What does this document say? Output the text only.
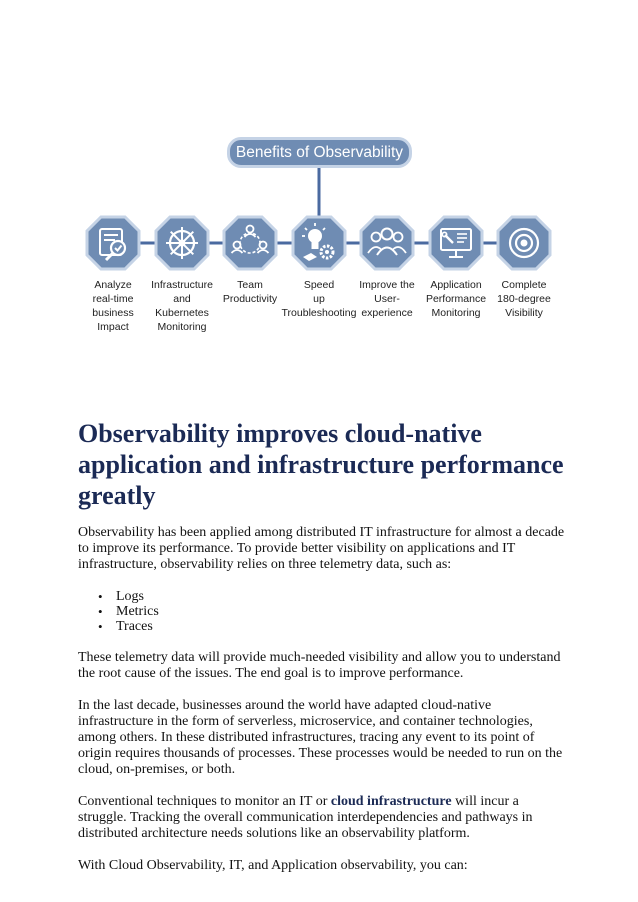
Benefits of Observability
Analyze
real-time
business
Impact
Infrastructure
and
Kubernetes
Monitoring
Team
Productivity
Speed
up
Troubleshooting
Improve the
User-
experience
Application
Performance
Monitoring
Complete
180-degree
Visibility
Observability improves cloud-native application and infrastructure performance greatly

Observability has been applied among distributed IT infrastructure for almost a decade to improve its performance. To provide better visibility on applications and IT infrastructure, observability relies on three telemetry data, such as:

• Logs
• Metrics
• Traces

These telemetry data will provide much-needed visibility and allow you to understand the root cause of the issues. The end goal is to improve performance.

In the last decade, businesses around the world have adapted cloud-native infrastructure in the form of serverless, microservice, and container technologies, among others. In these distributed infrastructures, tracing any event to its point of origin requires thousands of processes. These processes would be needed to run on the cloud, on-premises, or both.

Conventional techniques to monitor an IT or cloud infrastructure will incur a struggle. Tracking the overall communication interdependencies and pathways in distributed architecture needs solutions like an observability platform.

With Cloud Observability, IT, and Application observability, you can:
